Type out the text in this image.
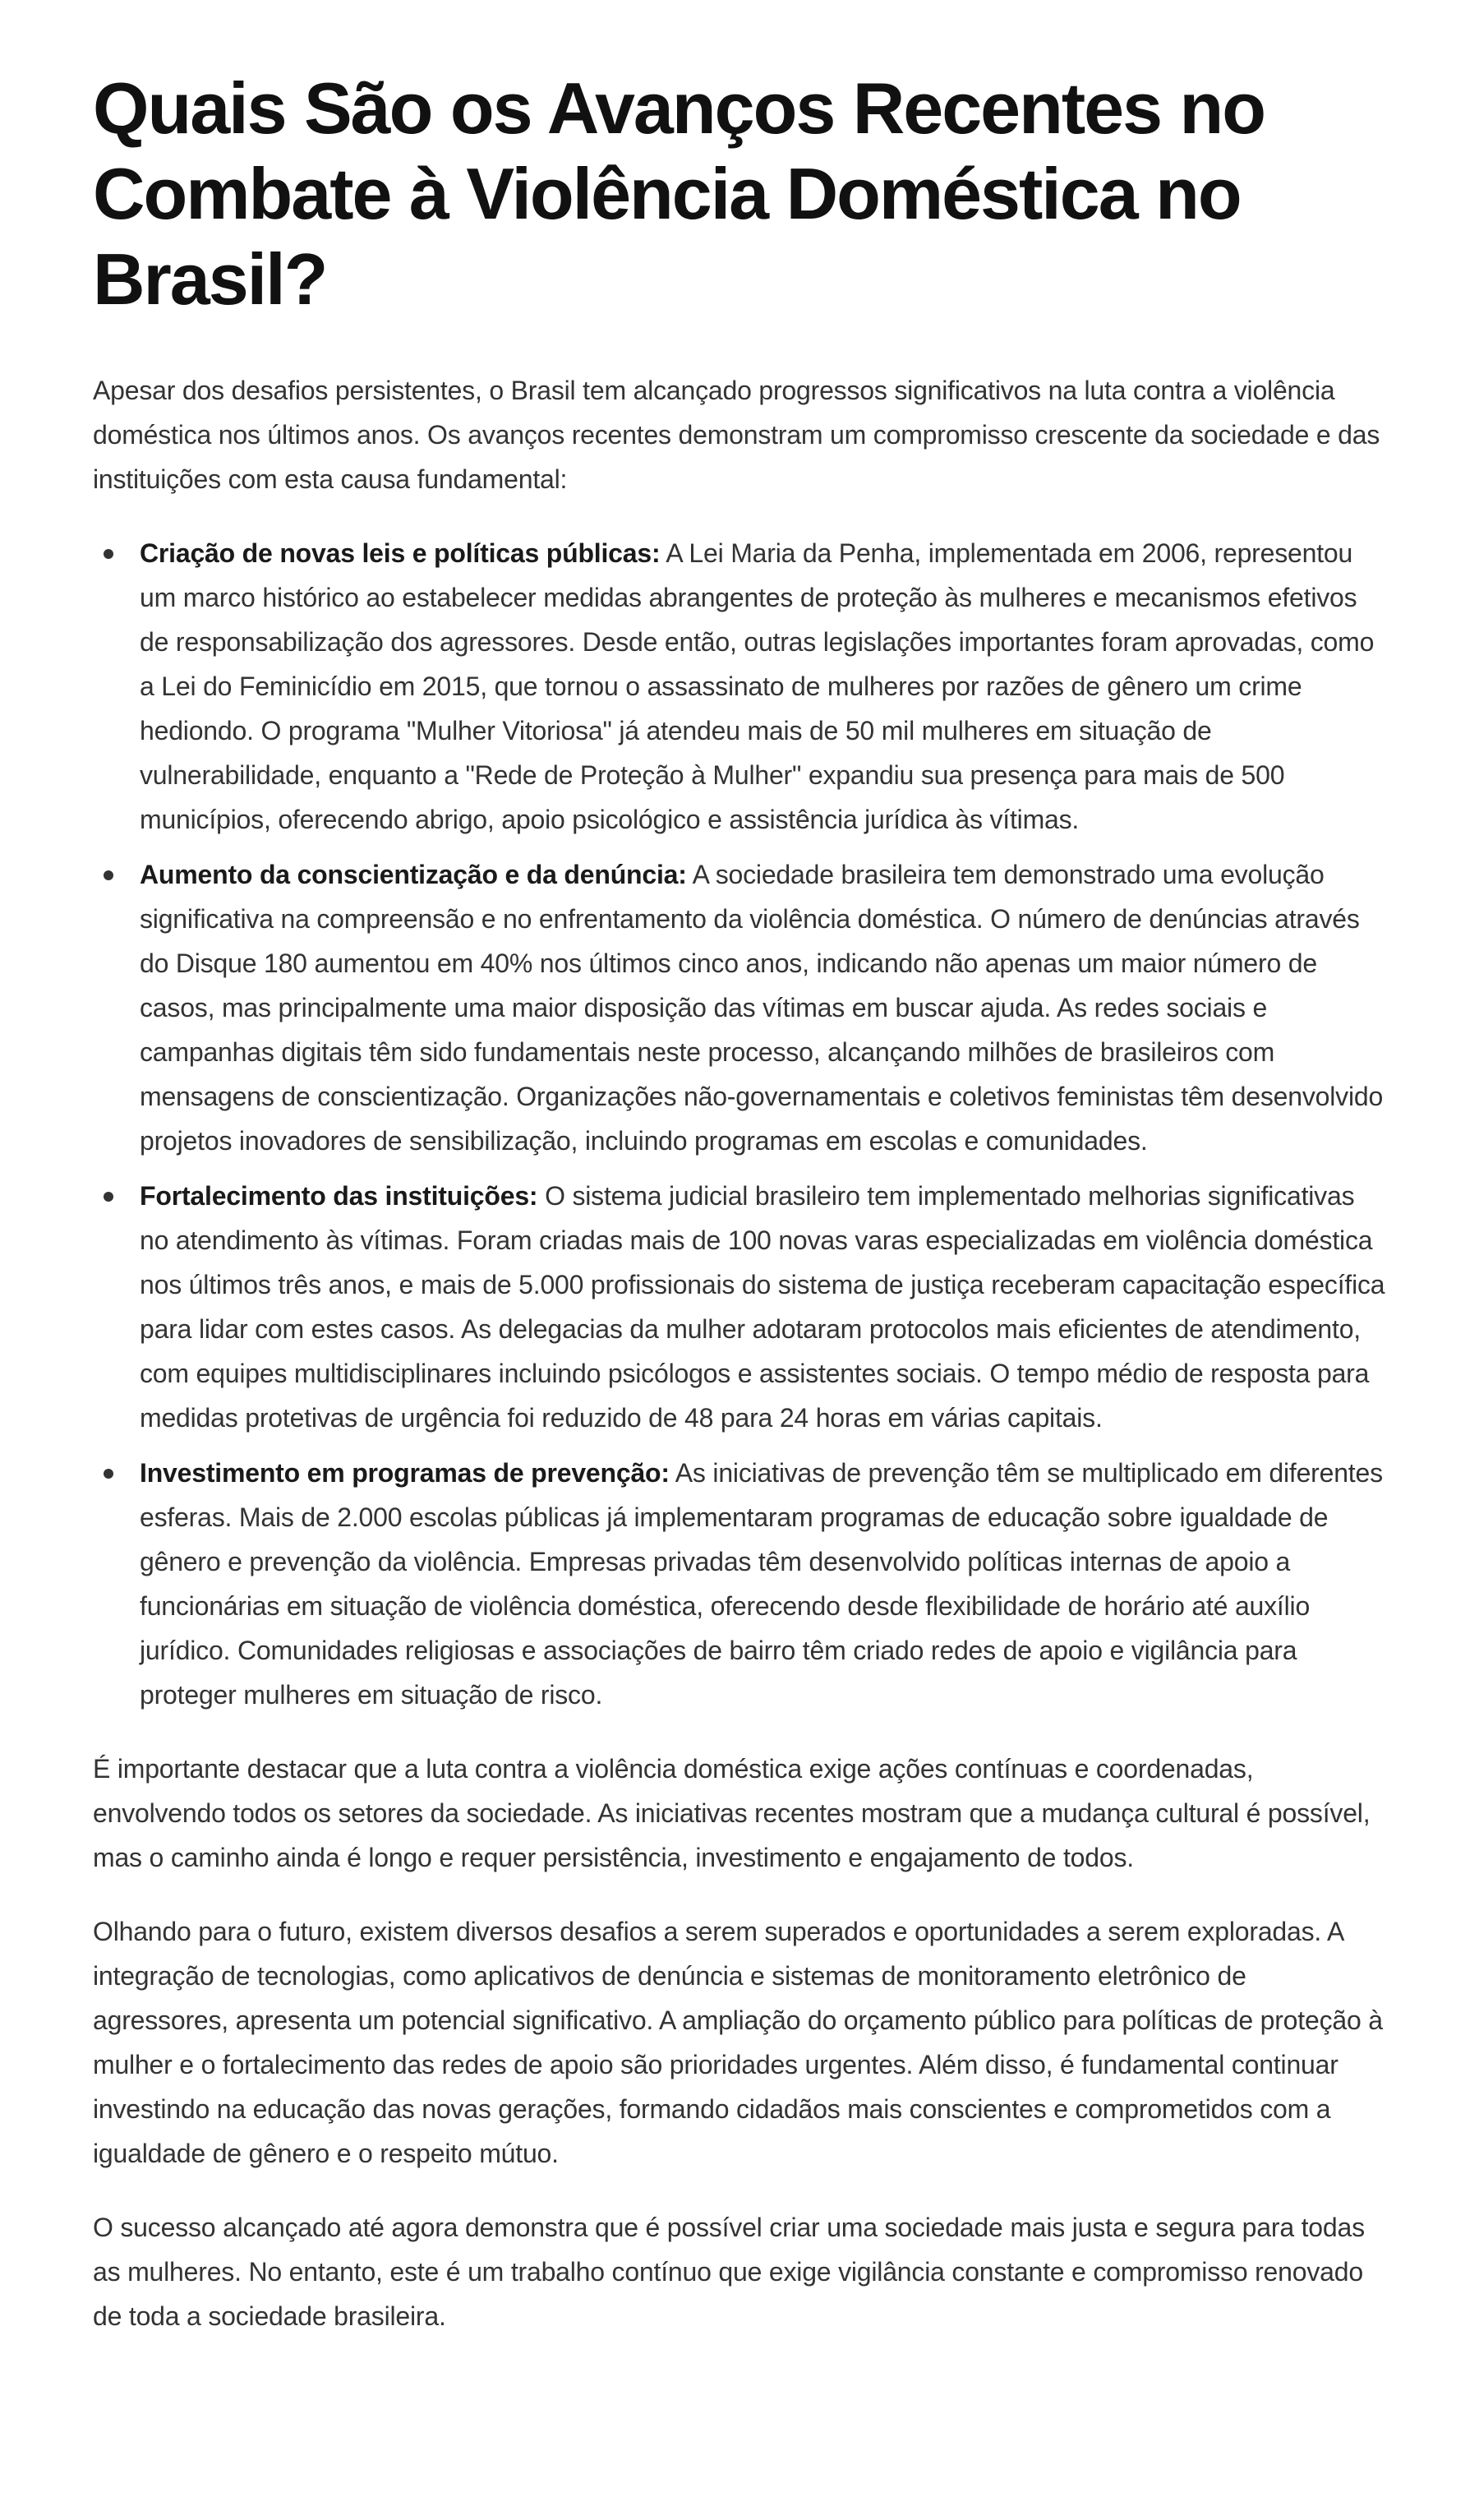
Quais São os Avanços Recentes no Combate à Violência Doméstica no Brasil?

Apesar dos desafios persistentes, o Brasil tem alcançado progressos significativos na luta contra a violência doméstica nos últimos anos. Os avanços recentes demonstram um compromisso crescente da sociedade e das instituições com esta causa fundamental:

Criação de novas leis e políticas públicas: A Lei Maria da Penha, implementada em 2006, representou um marco histórico ao estabelecer medidas abrangentes de proteção às mulheres e mecanismos efetivos de responsabilização dos agressores. Desde então, outras legislações importantes foram aprovadas, como a Lei do Feminicídio em 2015, que tornou o assassinato de mulheres por razões de gênero um crime hediondo. O programa "Mulher Vitoriosa" já atendeu mais de 50 mil mulheres em situação de vulnerabilidade, enquanto a "Rede de Proteção à Mulher" expandiu sua presença para mais de 500 municípios, oferecendo abrigo, apoio psicológico e assistência jurídica às vítimas.
Aumento da conscientização e da denúncia: A sociedade brasileira tem demonstrado uma evolução significativa na compreensão e no enfrentamento da violência doméstica. O número de denúncias através do Disque 180 aumentou em 40% nos últimos cinco anos, indicando não apenas um maior número de casos, mas principalmente uma maior disposição das vítimas em buscar ajuda. As redes sociais e campanhas digitais têm sido fundamentais neste processo, alcançando milhões de brasileiros com mensagens de conscientização. Organizações não-governamentais e coletivos feministas têm desenvolvido projetos inovadores de sensibilização, incluindo programas em escolas e comunidades.
Fortalecimento das instituições: O sistema judicial brasileiro tem implementado melhorias significativas no atendimento às vítimas. Foram criadas mais de 100 novas varas especializadas em violência doméstica nos últimos três anos, e mais de 5.000 profissionais do sistema de justiça receberam capacitação específica para lidar com estes casos. As delegacias da mulher adotaram protocolos mais eficientes de atendimento, com equipes multidisciplinares incluindo psicólogos e assistentes sociais. O tempo médio de resposta para medidas protetivas de urgência foi reduzido de 48 para 24 horas em várias capitais.
Investimento em programas de prevenção: As iniciativas de prevenção têm se multiplicado em diferentes esferas. Mais de 2.000 escolas públicas já implementaram programas de educação sobre igualdade de gênero e prevenção da violência. Empresas privadas têm desenvolvido políticas internas de apoio a funcionárias em situação de violência doméstica, oferecendo desde flexibilidade de horário até auxílio jurídico. Comunidades religiosas e associações de bairro têm criado redes de apoio e vigilância para proteger mulheres em situação de risco.

É importante destacar que a luta contra a violência doméstica exige ações contínuas e coordenadas, envolvendo todos os setores da sociedade. As iniciativas recentes mostram que a mudança cultural é possível, mas o caminho ainda é longo e requer persistência, investimento e engajamento de todos.

Olhando para o futuro, existem diversos desafios a serem superados e oportunidades a serem exploradas. A integração de tecnologias, como aplicativos de denúncia e sistemas de monitoramento eletrônico de agressores, apresenta um potencial significativo. A ampliação do orçamento público para políticas de proteção à mulher e o fortalecimento das redes de apoio são prioridades urgentes. Além disso, é fundamental continuar investindo na educação das novas gerações, formando cidadãos mais conscientes e comprometidos com a igualdade de gênero e o respeito mútuo.

O sucesso alcançado até agora demonstra que é possível criar uma sociedade mais justa e segura para todas as mulheres. No entanto, este é um trabalho contínuo que exige vigilância constante e compromisso renovado de toda a sociedade brasileira.
